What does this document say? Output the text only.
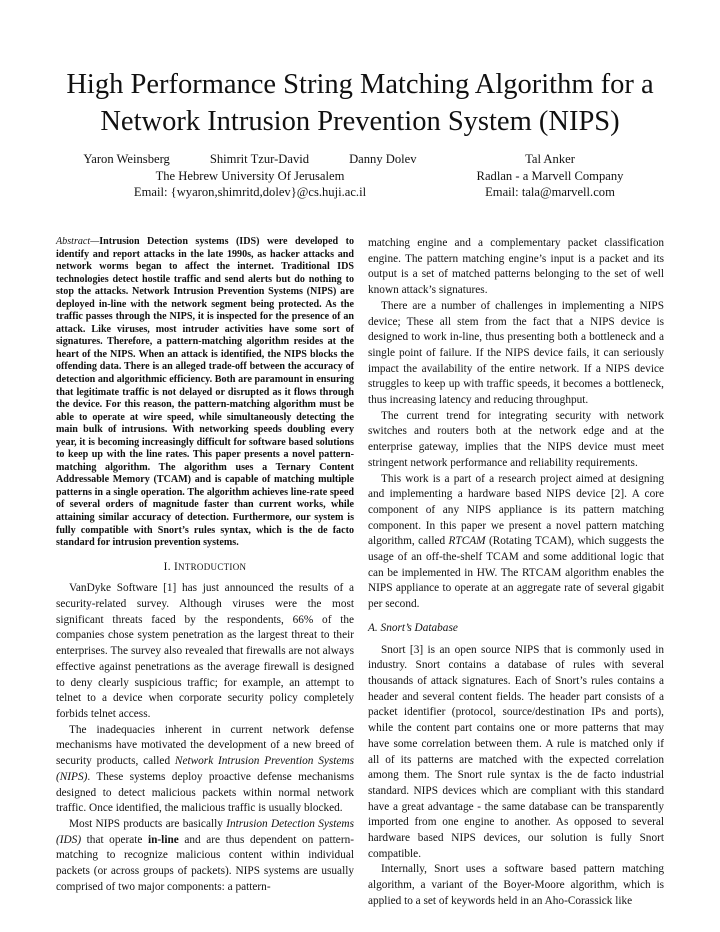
High Performance String Matching Algorithm for a
Network Intrusion Prevention System (NIPS)
Yaron Weinsberg	Shimrit Tzur-David	Danny Dolev
The Hebrew University Of Jerusalem
Email: {wyaron,shimritd,dolev}@cs.huji.ac.il
Tal Anker
Radlan - a Marvell Company
Email: tala@marvell.com
Abstract—Intrusion Detection systems (IDS) were developed to identify and report attacks in the late 1990s, as hacker attacks and network worms began to affect the internet. Traditional IDS technologies detect hostile traffic and send alerts but do nothing to stop the attacks. Network Intrusion Prevention Systems (NIPS) are deployed in-line with the network segment being protected. As the traffic passes through the NIPS, it is inspected for the presence of an attack. Like viruses, most intruder activities have some sort of signatures. Therefore, a pattern-matching algorithm resides at the heart of the NIPS. When an attack is identified, the NIPS blocks the offending data. There is an alleged trade-off between the accuracy of detection and algorithmic efficiency. Both are paramount in ensuring that legitimate traffic is not delayed or disrupted as it flows through the device. For this reason, the pattern-matching algorithm must be able to operate at wire speed, while simultaneously detecting the main bulk of intrusions. With networking speeds doubling every year, it is becoming increasingly difficult for software based solutions to keep up with the line rates. This paper presents a novel pattern-matching algorithm. The algorithm uses a Ternary Content Addressable Memory (TCAM) and is capable of matching multiple patterns in a single operation. The algorithm achieves line-rate speed of several orders of magnitude faster than current works, while attaining similar accuracy of detection. Furthermore, our system is fully compatible with Snort’s rules syntax, which is the de facto standard for intrusion prevention systems.
I. INTRODUCTION

VanDyke Software [1] has just announced the results of a security-related survey. Although viruses were the most significant threats faced by the respondents, 66% of the companies chose system penetration as the largest threat to their enterprises. The survey also revealed that firewalls are not always effective against penetrations as the average firewall is designed to deny clearly suspicious traffic; for example, an attempt to telnet to a device when corporate security policy completely forbids telnet access.

The inadequacies inherent in current network defense mechanisms have motivated the development of a new breed of security products, called Network Intrusion Prevention Systems (NIPS). These systems deploy proactive defense mechanisms designed to detect malicious packets within normal network traffic. Once identified, the malicious traffic is usually blocked.

Most NIPS products are basically Intrusion Detection Systems (IDS) that operate in-line and are thus dependent on pattern-matching to recognize malicious content within individual packets (or across groups of packets). NIPS systems are usually comprised of two major components: a pattern-

matching engine and a complementary packet classification engine. The pattern matching engine’s input is a packet and its output is a set of matched patterns belonging to the set of well known attack’s signatures.

There are a number of challenges in implementing a NIPS device; These all stem from the fact that a NIPS device is designed to work in-line, thus presenting both a bottleneck and a single point of failure. If the NIPS device fails, it can seriously impact the availability of the entire network. If a NIPS device struggles to keep up with traffic speeds, it becomes a bottleneck, thus increasing latency and reducing throughput.

The current trend for integrating security with network switches and routers both at the network edge and at the enterprise gateway, implies that the NIPS device must meet stringent network performance and reliability requirements.

This work is a part of a research project aimed at designing and implementing a hardware based NIPS device [2]. A core component of any NIPS appliance is its pattern matching component. In this paper we present a novel pattern matching algorithm, called RTCAM (Rotating TCAM), which suggests the usage of an off-the-shelf TCAM and some additional logic that can be implemented in HW. The RTCAM algorithm enables the NIPS appliance to operate at an aggregate rate of several gigabit per second.

A. Snort’s Database

Snort [3] is an open source NIPS that is commonly used in industry. Snort contains a database of rules with several thousands of attack signatures. Each of Snort’s rules contains a header and several content fields. The header part consists of a packet identifier (protocol, source/destination IPs and ports), while the content part contains one or more patterns that may have some correlation between them. A rule is matched only if all of its patterns are matched with the expected correlation among them. The Snort rule syntax is the de facto industrial standard. NIPS devices which are compliant with this standard have a great advantage - the same database can be transparently imported from one engine to another. As opposed to several hardware based NIPS devices, our solution is fully Snort compatible.

Internally, Snort uses a software based pattern matching algorithm, a variant of the Boyer-Moore algorithm, which is applied to a set of keywords held in an Aho-Corassick like
